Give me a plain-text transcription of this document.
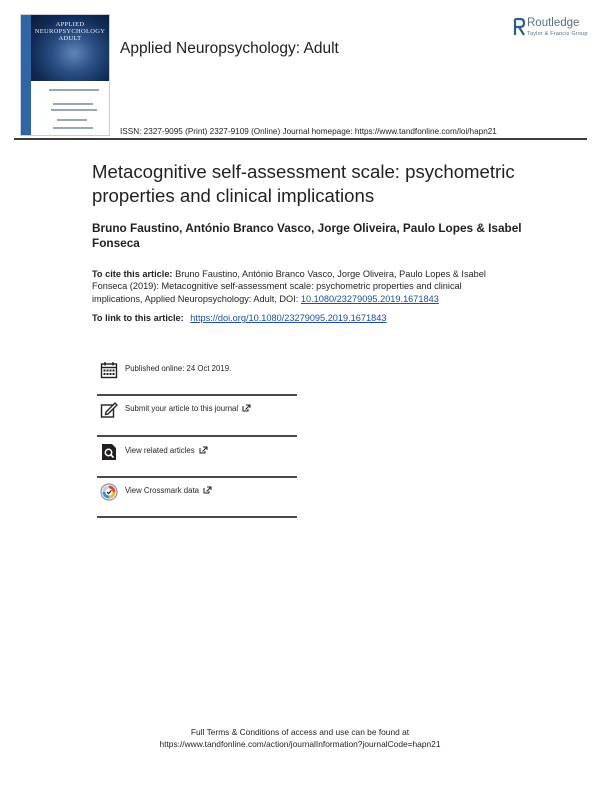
APPLIED
NEUROPSYCHOLOGY
ADULT
Applied Neuropsychology: Adult
Routledge
Taylor & Francis Group
ISSN: 2327-9095 (Print) 2327-9109 (Online) Journal homepage: https://www.tandfonline.com/loi/hapn21
Metacognitive self-assessment scale: psychometric properties and clinical implications
Bruno Faustino, António Branco Vasco, Jorge Oliveira, Paulo Lopes & Isabel Fonseca
To cite this article: Bruno Faustino, António Branco Vasco, Jorge Oliveira, Paulo Lopes & Isabel Fonseca (2019): Metacognitive self-assessment scale: psychometric properties and clinical implications, Applied Neuropsychology: Adult, DOI: 10.1080/23279095.2019.1671843
To link to this article: https://doi.org/10.1080/23279095.2019.1671843
Published online: 24 Oct 2019.
Submit your article to this journal
View related articles
View Crossmark data
Full Terms & Conditions of access and use can be found at
https://www.tandfonline.com/action/journalInformation?journalCode=hapn21
